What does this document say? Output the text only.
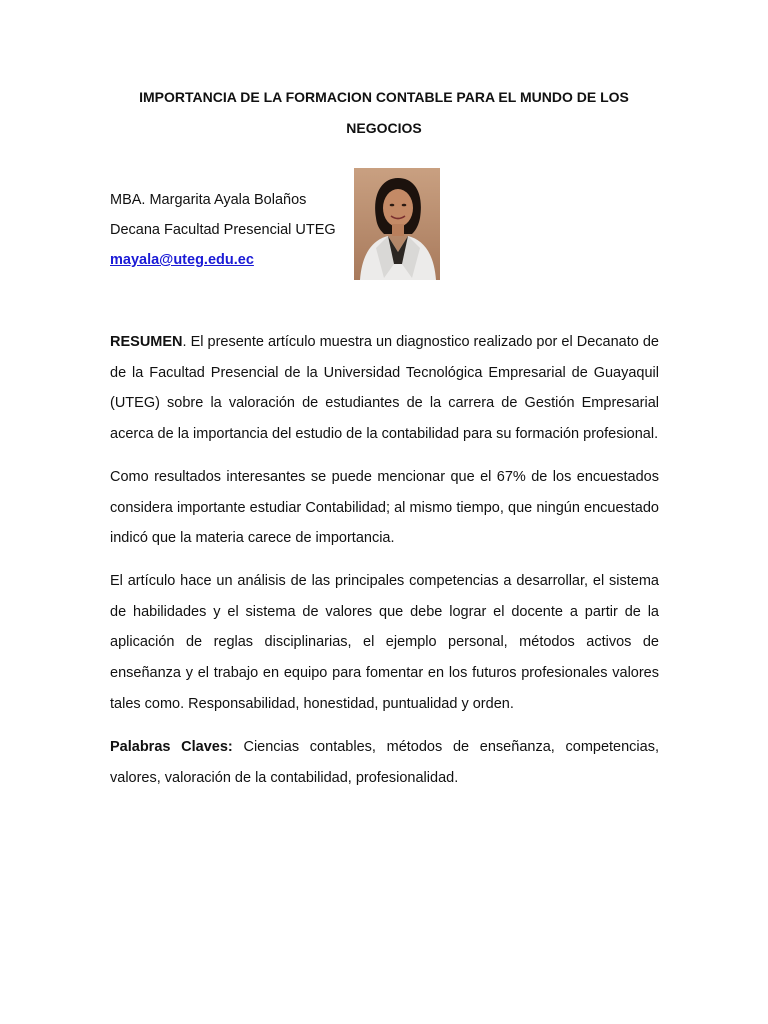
IMPORTANCIA DE LA FORMACION CONTABLE PARA EL MUNDO DE LOS
NEGOCIOS
MBA. Margarita Ayala Bolaños
Decana Facultad Presencial UTEG
mayala@uteg.edu.ec
RESUMEN. El presente artículo muestra un diagnostico realizado por el Decanato de de la Facultad Presencial de la Universidad Tecnológica Empresarial de Guayaquil (UTEG) sobre la valoración de estudiantes de la carrera de Gestión Empresarial acerca de la importancia del estudio de la contabilidad para su formación profesional.
Como resultados interesantes se puede mencionar que el 67% de los encuestados considera importante estudiar Contabilidad; al mismo tiempo, que ningún encuestado indicó que la materia carece de importancia.
El artículo hace un análisis de las principales competencias a desarrollar, el sistema de habilidades y el sistema de valores que debe lograr el docente a partir de la aplicación de reglas disciplinarias, el ejemplo personal, métodos activos de enseñanza y el trabajo en equipo para fomentar en los futuros profesionales valores tales como. Responsabilidad, honestidad, puntualidad y orden.
Palabras Claves: Ciencias contables, métodos de enseñanza, competencias, valores, valoración de la contabilidad, profesionalidad.
